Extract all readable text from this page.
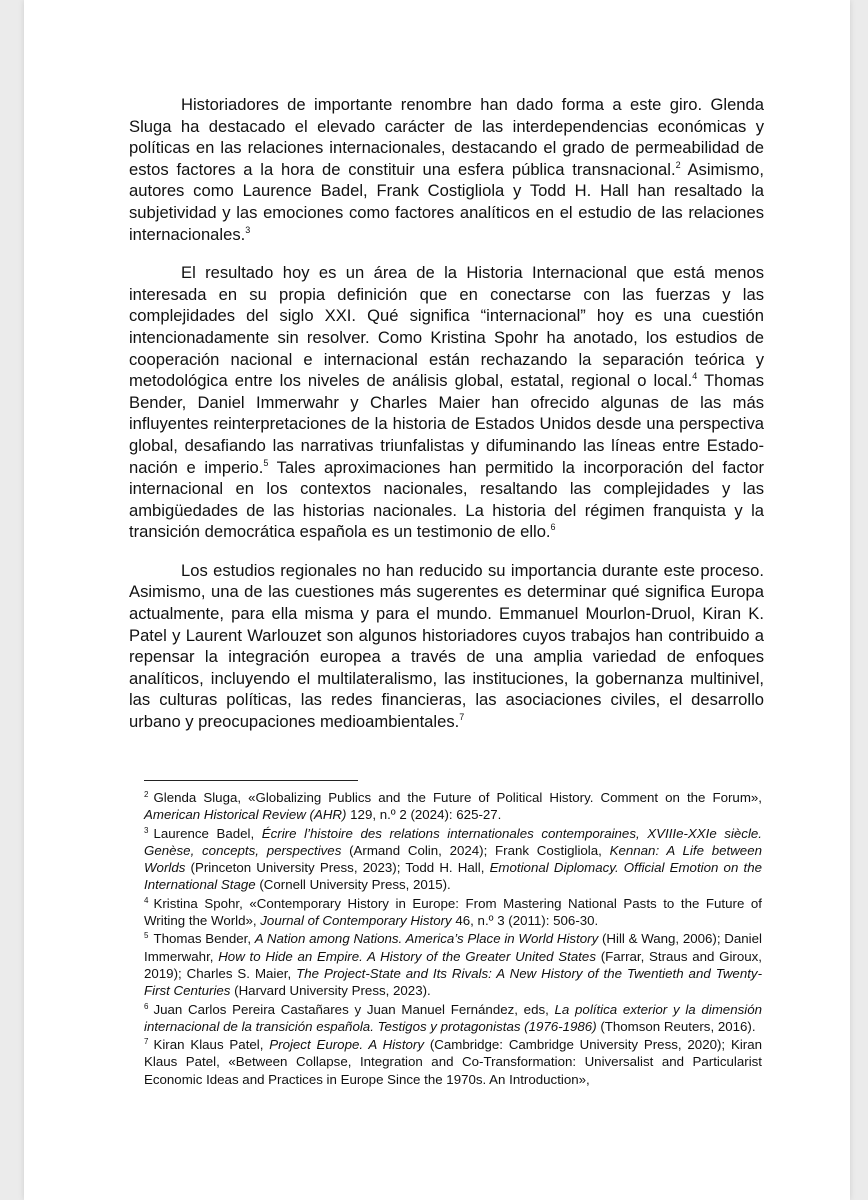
Historiadores de importante renombre han dado forma a este giro. Glenda Sluga ha destacado el elevado carácter de las interdependencias económicas y políticas en las relaciones internacionales, destacando el grado de permeabilidad de estos factores a la hora de constituir una esfera pública transnacional.$^2$ Asimismo, autores como Laurence Badel, Frank Costigliola y Todd H. Hall han resaltado la subjetividad y las emociones como factores analíticos en el estudio de las relaciones internacionales.$^3$

El resultado hoy es un área de la Historia Internacional que está menos interesada en su propia definición que en conectarse con las fuerzas y las complejidades del siglo XXI. Qué significa “internacional” hoy es una cuestión intencionadamente sin resolver. Como Kristina Spohr ha anotado, los estudios de cooperación nacional e internacional están rechazando la separación teórica y metodológica entre los niveles de análisis global, estatal, regional o local.$^4$ Thomas Bender, Daniel Immerwahr y Charles Maier han ofrecido algunas de las más influyentes reinterpretaciones de la historia de Estados Unidos desde una perspectiva global, desafiando las narrativas triunfalistas y difuminando las líneas entre Estado-nación e imperio.$^5$ Tales aproximaciones han permitido la incorporación del factor internacional en los contextos nacionales, resaltando las complejidades y las ambigüedades de las historias nacionales. La historia del régimen franquista y la transición democrática española es un testimonio de ello.$^6$

Los estudios regionales no han reducido su importancia durante este proceso. Asimismo, una de las cuestiones más sugerentes es determinar qué significa Europa actualmente, para ella misma y para el mundo. Emmanuel Mourlon-Druol, Kiran K. Patel y Laurent Warlouzet son algunos historiadores cuyos trabajos han contribuido a repensar la integración europea a través de una amplia variedad de enfoques analíticos, incluyendo el multilateralismo, las instituciones, la gobernanza multinivel, las culturas políticas, las redes financieras, las asociaciones civiles, el desarrollo urbano y preocupaciones medioambientales.$^7$

$^2$ Glenda Sluga, «Globalizing Publics and the Future of Political History. Comment on the Forum», American Historical Review (AHR) 129, n.º 2 (2024): 625-27.
$^3$ Laurence Badel, Écrire l’histoire des relations internationales contemporaines, XVIIIe-XXIe siècle. Genèse, concepts, perspectives (Armand Colin, 2024); Frank Costigliola, Kennan: A Life between Worlds (Princeton University Press, 2023); Todd H. Hall, Emotional Diplomacy. Official Emotion on the International Stage (Cornell University Press, 2015).
$^4$ Kristina Spohr, «Contemporary History in Europe: From Mastering National Pasts to the Future of Writing the World», Journal of Contemporary History 46, n.º 3 (2011): 506-30.
$^5$ Thomas Bender, A Nation among Nations. America’s Place in World History (Hill & Wang, 2006); Daniel Immerwahr, How to Hide an Empire. A History of the Greater United States (Farrar, Straus and Giroux, 2019); Charles S. Maier, The Project-State and Its Rivals: A New History of the Twentieth and Twenty-First Centuries (Harvard University Press, 2023).
$^6$ Juan Carlos Pereira Castañares y Juan Manuel Fernández, eds, La política exterior y la dimensión internacional de la transición española. Testigos y protagonistas (1976-1986) (Thomson Reuters, 2016).
$^7$ Kiran Klaus Patel, Project Europe. A History (Cambridge: Cambridge University Press, 2020); Kiran Klaus Patel, «Between Collapse, Integration and Co-Transformation: Universalist and Particularist Economic Ideas and Practices in Europe Since the 1970s. An Introduction»,
